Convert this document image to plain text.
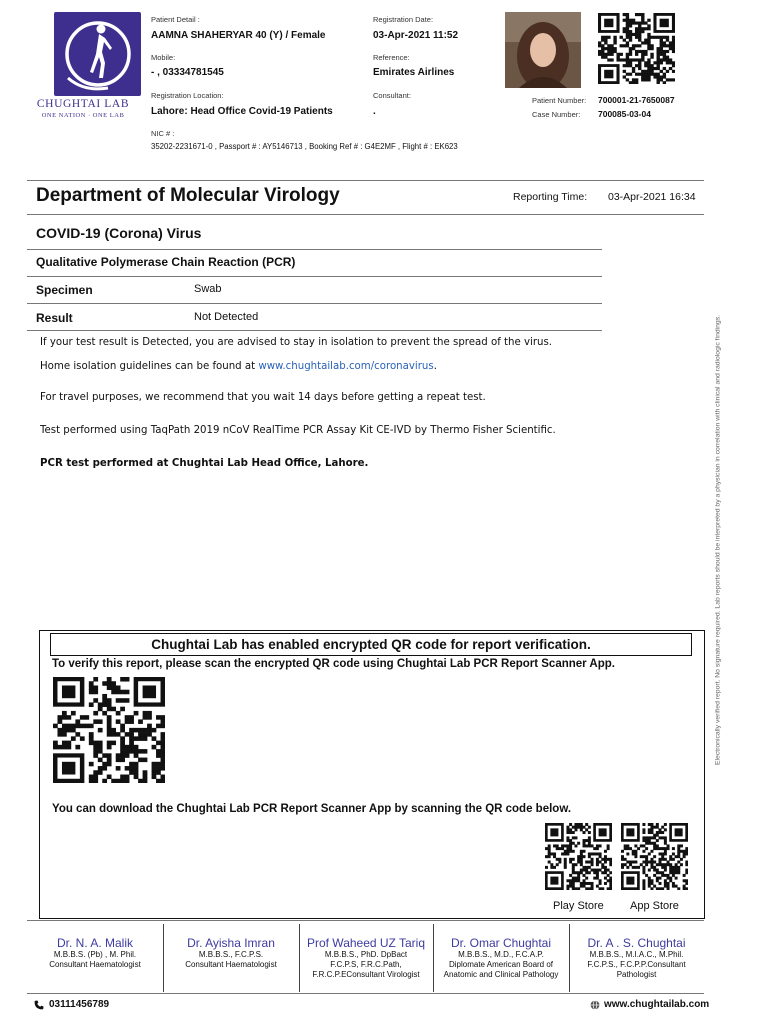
CHUGHTAI LAB
ONE NATION · ONE LAB
Patient Detail :
AAMNA SHAHERYAR 40 (Y) / Female
Mobile:
- , 03334781545
Registration Location:
Lahore: Head Office Covid-19 Patients
NIC # :
35202-2231671-0 , Passport # : AY5146713 , Booking Ref # : G4E2MF , Flight # : EK623
Registration Date:
03-Apr-2021 11:52
Reference:
Emirates Airlines
Consultant:
.
Patient Number: 700001-21-7650087
Case Number: 700085-03-04
Department of Molecular Virology	Reporting Time: 03-Apr-2021 16:34
COVID-19 (Corona) Virus
Qualitative Polymerase Chain Reaction (PCR)
Specimen	Swab
Result	Not Detected
If your test result is Detected, you are advised to stay in isolation to prevent the spread of the virus.
Home isolation guidelines can be found at www.chughtailab.com/coronavirus.
For travel purposes, we recommend that you wait 14 days before getting a repeat test.
Test performed using TaqPath 2019 nCoV RealTime PCR Assay Kit CE-IVD by Thermo Fisher Scientific.
PCR test performed at Chughtai Lab Head Office, Lahore.
Chughtai Lab has enabled encrypted QR code for report verification.
To verify this report, please scan the encrypted QR code using Chughtai Lab PCR Report Scanner App.
You can download the Chughtai Lab PCR Report Scanner App by scanning the QR code below.
Play Store App Store
Dr. N. A. Malik
M.B.B.S. (Pb) , M. Phil.
Consultant Haematologist
Dr. Ayisha Imran
M.B.B.S., F.C.P.S.
Consultant Haematologist
Prof Waheed UZ Tariq
M.B.B.S., PhD. DpBact
F.C.P.S, F.R.C.Path,
F.R.C.P.EConsultant Virologist
Dr. Omar Chughtai
M.B.B.S., M.D., F.C.A.P.
Diplomate American Board of
Anatomic and Clinical Pathology
Dr. A . S. Chughtai
M.B.B.S., M.I.A.C., M.Phil.
F.C.P.S., F.C.P.P.Consultant
Pathologist
03111456789	www.chughtailab.com
Electronically verified report. No signature required. Lab reports should be interpreted by a physician in correlation with clinical and radiologic findings.
